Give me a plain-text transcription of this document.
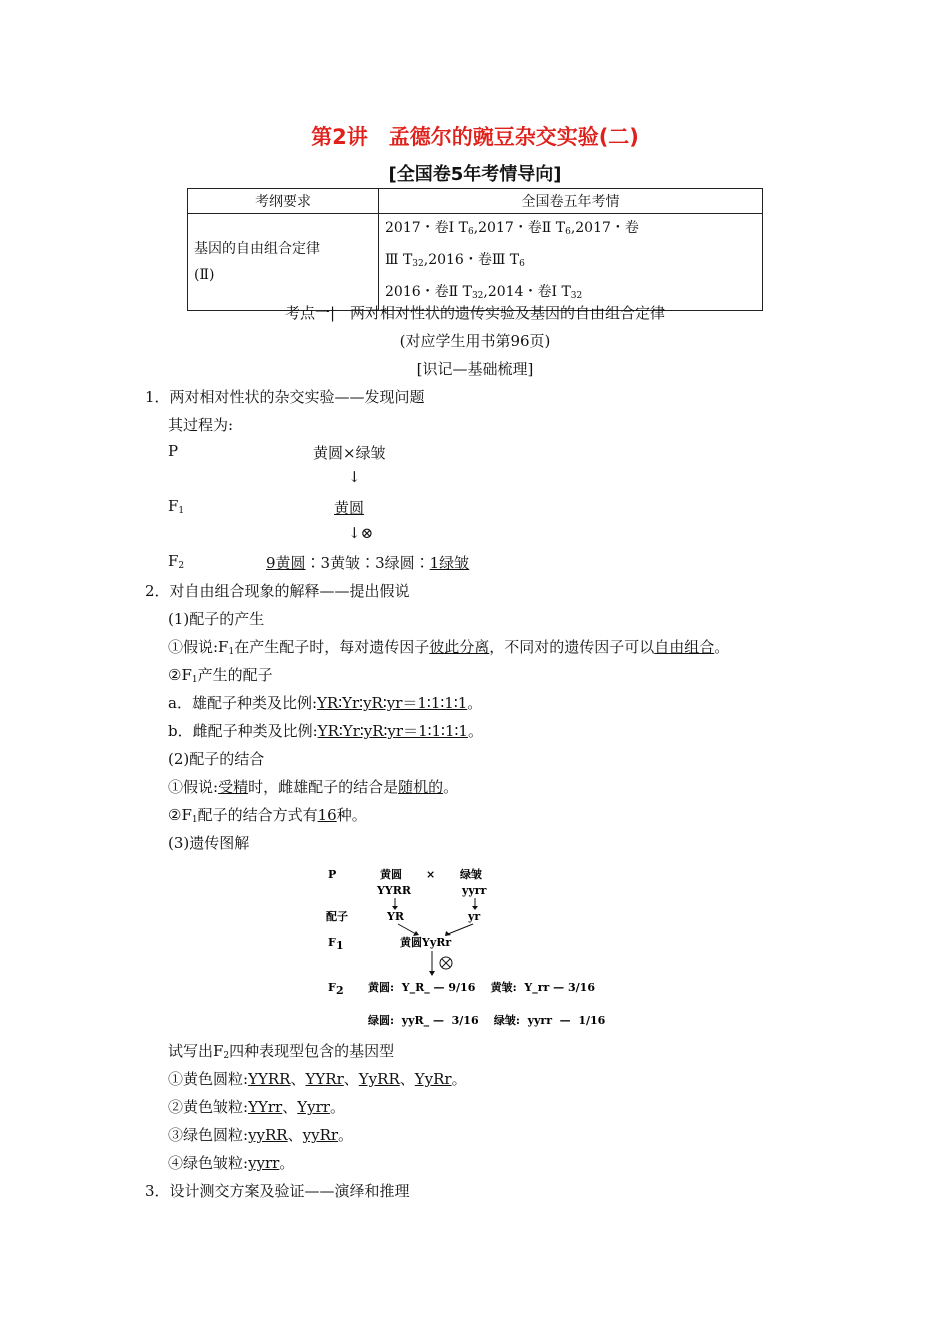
第2讲　孟德尔的豌豆杂交实验(二)
[全国卷5年考情导向]
考纲要求	全国卷五年考情
基因的自由组合定律
(Ⅱ)	2017・卷Ⅰ $T_6,2017$・卷Ⅱ $T_6,2017$・卷
Ⅲ $T_{32},2016$・卷Ⅲ $T_6$
2016・卷Ⅱ $T_{32},2014$・卷Ⅰ $T_{32}$
考点一|　两对相对性状的遗传实验及基因的自由组合定律
(对应学生用书第96页)
[识记—基础梳理]
1．两对相对性状的杂交实验——发现问题
其过程为:
P	黄圆×绿皱
↓
$F_1$	黄圆
↓⊗
$F_2$	9黄圆∶3黄皱∶3绿圆∶1绿皱
2．对自由组合现象的解释——提出假说
(1)配子的产生
①假说$:F_1$在产生配子时，每对遗传因子彼此分离，不同对的遗传因子可以自由组合。
$②F_1$产生的配子
a．雄配子种类及比例:YR∶Yr∶yR∶yr＝1∶1∶1∶1。
b．雌配子种类及比例:YR∶Yr∶yR∶yr＝1∶1∶1∶1。
(2)配子的结合
①假说:受精时，雌雄配子的结合是随机的。
$②F_1$配子的结合方式有16种。
(3)遗传图解
P	黄圆 × 绿皱
YYRR	yyrr
配子	YR	yr
F 1	黄圆YyRr
F 2 黄圆:  Y_R_ — 9/16    黄皱:  Y_rr — 3/16
绿圆:  yyR_ —  3/16    绿皱:  yyrr  —  1/16
试写出$F_2$四种表现型包含的基因型
①黄色圆粒:YYRR、YYRr、YyRR、YyRr。
②黄色皱粒:YYrr、Yyrr。
③绿色圆粒:yyRR、yyRr。
④绿色皱粒:yyrr。
3．设计测交方案及验证——演绎和推理
